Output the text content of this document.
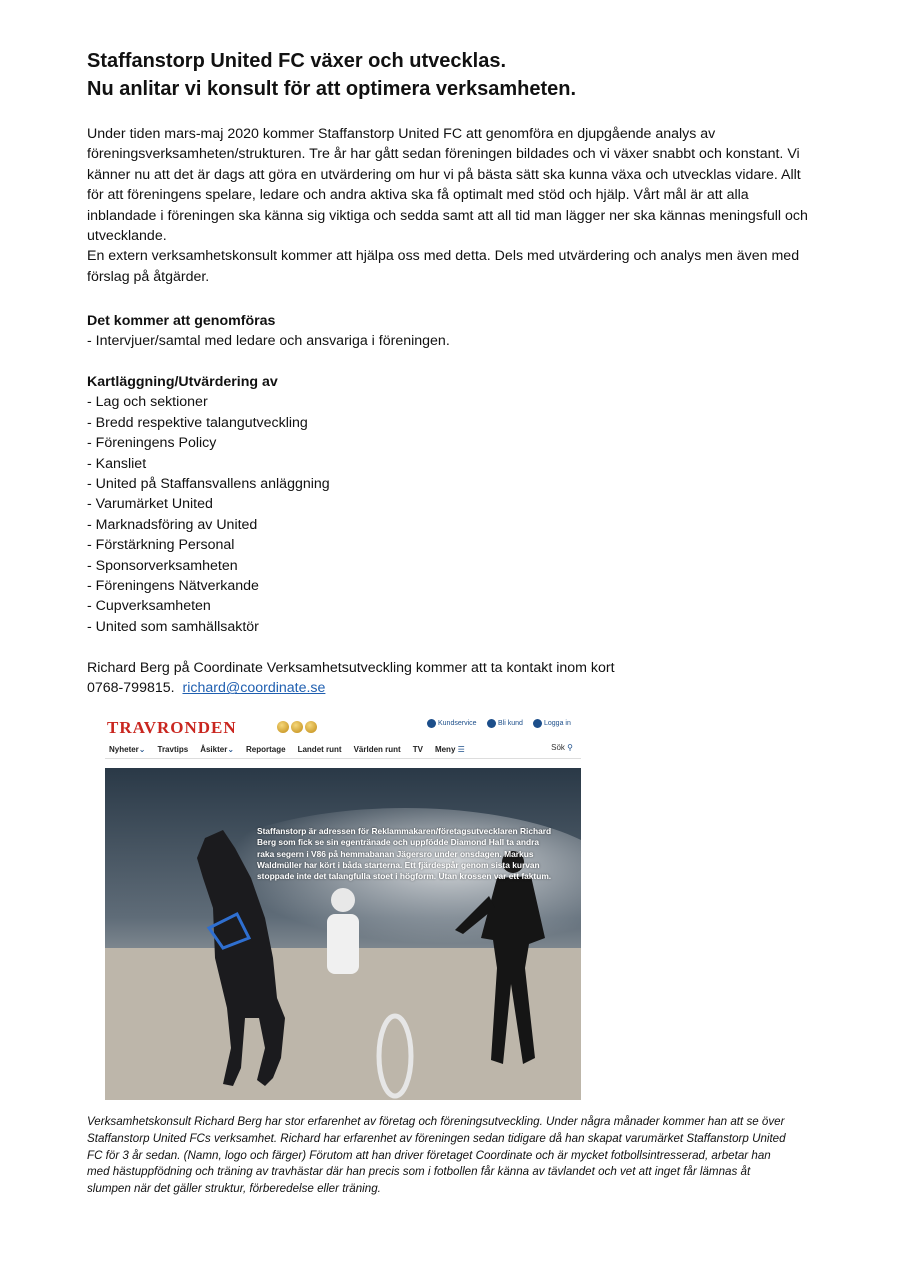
Staffanstorp United FC växer och utvecklas.
Nu anlitar vi konsult för att optimera verksamheten.

Under tiden mars-maj 2020 kommer Staffanstorp United FC att genomföra en djupgående analys av föreningsverksamheten/strukturen. Tre år har gått sedan föreningen bildades och vi växer snabbt och konstant. Vi känner nu att det är dags att göra en utvärdering om hur vi på bästa sätt ska kunna växa och utvecklas vidare. Allt för att föreningens spelare, ledare och andra aktiva ska få optimalt med stöd och hjälp. Vårt mål är att alla inblandade i föreningen ska känna sig viktiga och sedda samt att all tid man lägger ner ska kännas meningsfull och utvecklande.

En extern verksamhetskonsult kommer att hjälpa oss med detta. Dels med utvärdering och analys men även med förslag på åtgärder.

Det kommer att genomföras

- Intervjuer/samtal med ledare och ansvariga i föreningen.

Kartläggning/Utvärdering av

- Lag och sektioner
- Bredd respektive talangutveckling
- Föreningens Policy
- Kansliet
- United på Staffansvallens anläggning
- Varumärket United
- Marknadsföring av United
- Förstärkning Personal
- Sponsorverksamheten
- Föreningens Nätverkande
- Cupverksamheten
- United som samhällsaktör

Richard Berg på Coordinate Verksamhetsutveckling kommer att ta kontakt inom kort

0768-799815. richard@coordinate.se

TRAVRONDEN	Kundservice	Bli kund	Logga in
Nyheter⌄ Travtips Åsikter⌄ Reportage Landet runt Världen runt TV Meny ☰	Sök ⚲
Staffanstorp är adressen för Reklammakaren/företagsutvecklaren Richard Berg som fick se sin egentränade och uppfödde Diamond Hall ta andra raka segern i V86 på hemmabanan Jägersro under onsdagen. Markus Waldmüller har kört i båda starterna. Ett fjärdespår genom sista kurvan stoppade inte det talangfulla stoet i högform. Utan krossen var ett faktum.
Verksamhetskonsult Richard Berg har stor erfarenhet av företag och föreningsutveckling. Under några månader kommer han att se över Staffanstorp United FCs verksamhet. Richard har erfarenhet av föreningen sedan tidigare då han skapat varumärket Staffanstorp United FC för 3 år sedan. (Namn, logo och färger) Förutom att han driver företaget Coordinate och är mycket fotbollsintresserad, arbetar han med hästuppfödning och träning av travhästar där han precis som i fotbollen får känna av tävlandet och vet att inget får lämnas åt slumpen när det gäller struktur, förberedelse eller träning.
